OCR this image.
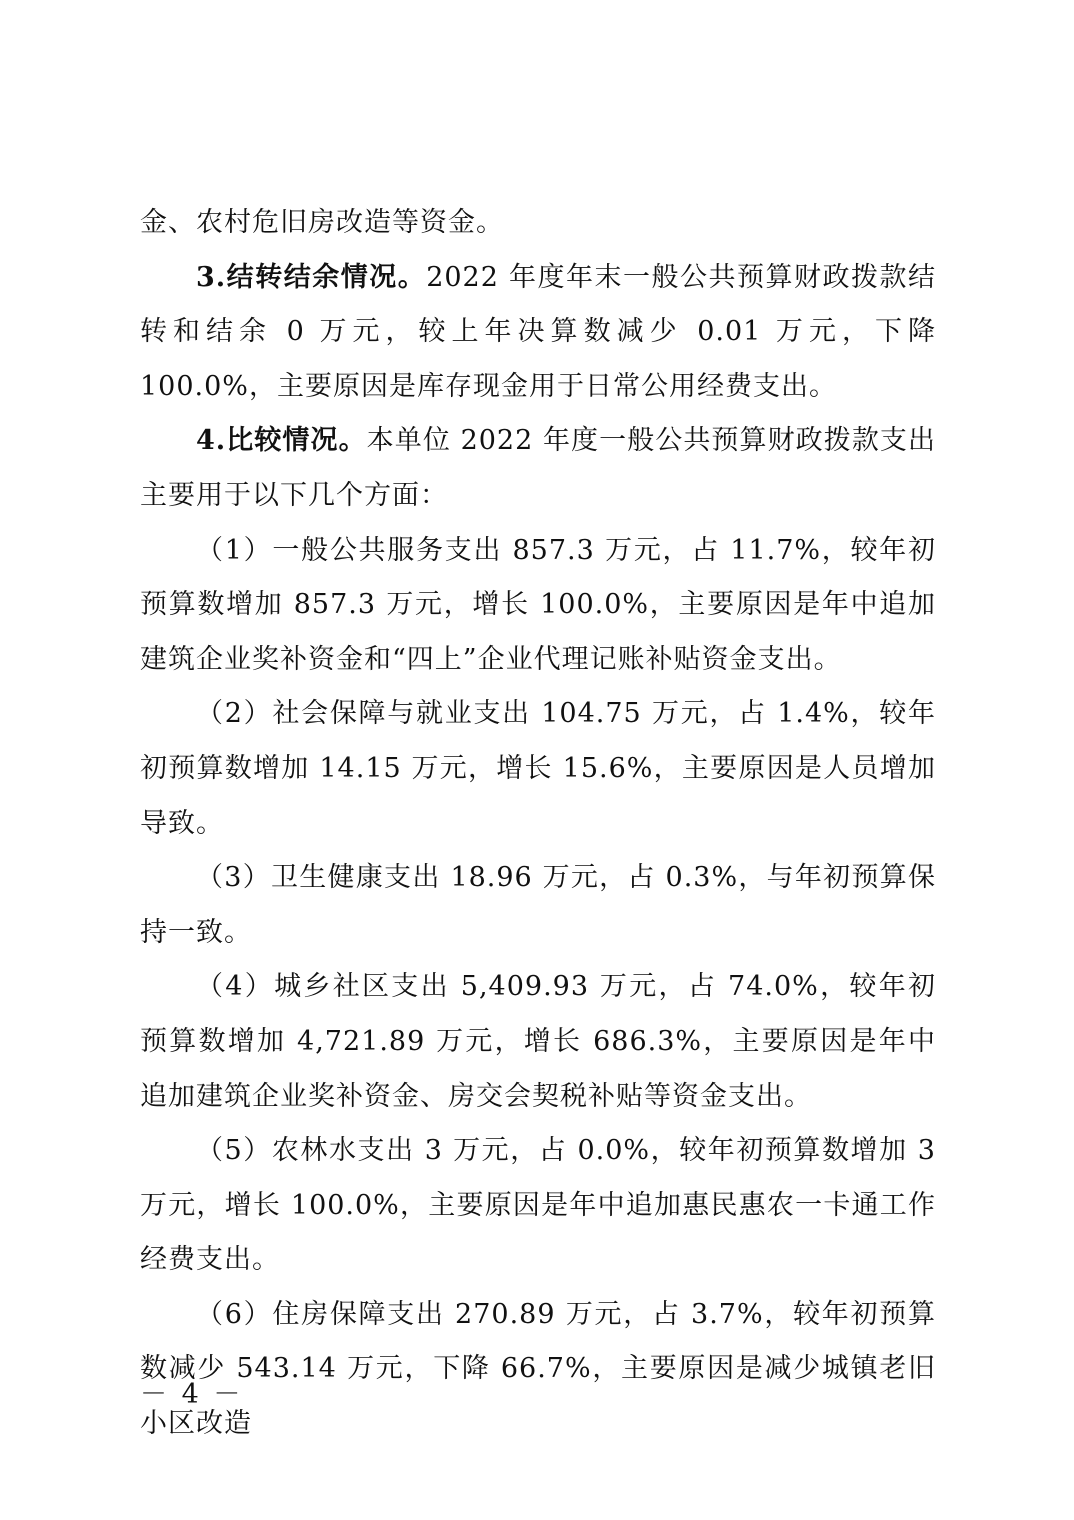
金、农村危旧房改造等资金。

3.结转结余情况。2022 年度年末一般公共预算财政拨款结转和结余 0 万元，较上年决算数减少 0.01 万元，下降 100.0%，主要原因是库存现金用于日常公用经费支出。

4.比较情况。本单位 2022 年度一般公共预算财政拨款支出主要用于以下几个方面：

（1）一般公共服务支出 857.3 万元，占 11.7%，较年初预算数增加 857.3 万元，增长 100.0%，主要原因是年中追加建筑企业奖补资金和“四上”企业代理记账补贴资金支出。

（2）社会保障与就业支出 104.75 万元，占 1.4%，较年初预算数增加 14.15 万元，增长 15.6%，主要原因是人员增加导致。

（3）卫生健康支出 18.96 万元，占 0.3%，与年初预算保持一致。

（4）城乡社区支出 5,409.93 万元，占 74.0%，较年初预算数增加 4,721.89 万元，增长 686.3%，主要原因是年中追加建筑企业奖补资金、房交会契税补贴等资金支出。

（5）农林水支出 3 万元，占 0.0%，较年初预算数增加 3 万元，增长 100.0%，主要原因是年中追加惠民惠农一卡通工作经费支出。

（6）住房保障支出 270.89 万元，占 3.7%，较年初预算数减少 543.14 万元，下降 66.7%，主要原因是减少城镇老旧小区改造

－ 4 －
